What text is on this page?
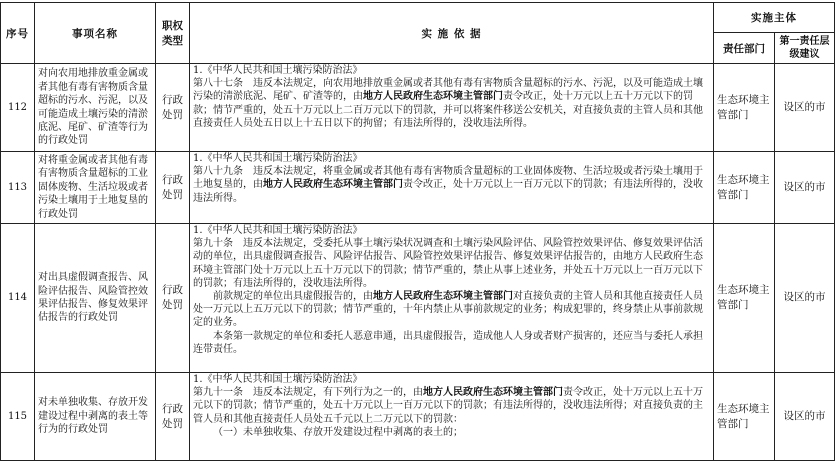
序号	事项名称	职权类型	实 施 依 据	实施主体	
				责任部门	第一责任层级建议
112	对向农用地排放重金属或者其他有毒有害物质含量超标的污水、污泥，以及可能造成土壤污染的清淤底泥、尾矿、矿渣等行为的行政处罚	行政处罚	1.《中华人民共和国土壤污染防治法》

第八十七条　违反本法规定，向农用地排放重金属或者其他有毒有害物质含量超标的污水、污泥，以及可能造成土壤污染的清淤底泥、尾矿、矿渣等的，由地方人民政府生态环境主管部门责令改正，处十万元以上五十万元以下的罚款；情节严重的，处五十万元以上二百万元以下的罚款，并可以将案件移送公安机关，对直接负责的主管人员和其他直接责任人员处五日以上十五日以下的拘留；有违法所得的，没收违法所得。	生态环境主管部门	设区的市
113	对将重金属或者其他有毒有害物质含量超标的工业固体废物、生活垃圾或者污染土壤用于土地复垦的行政处罚	行政处罚	1.《中华人民共和国土壤污染防治法》

第八十九条　违反本法规定，将重金属或者其他有毒有害物质含量超标的工业固体废物、生活垃圾或者污染土壤用于土地复垦的，由地方人民政府生态环境主管部门责令改正，处十万元以上一百万元以下的罚款；有违法所得的，没收违法所得。	生态环境主管部门	设区的市
114	对出具虚假调查报告、风险评估报告、风险管控效果评估报告、修复效果评估报告的行政处罚	行政处罚	1.《中华人民共和国土壤污染防治法》

第九十条　违反本法规定，受委托从事土壤污染状况调查和土壤污染风险评估、风险管控效果评估、修复效果评估活动的单位，出具虚假调查报告、风险评估报告、风险管控效果评估报告、修复效果评估报告的，由地方人民政府生态环境主管部门处十万元以上五十万元以下的罚款；情节严重的，禁止从事上述业务，并处五十万元以上一百万元以下的罚款；有违法所得的，没收违法所得。

前款规定的单位出具虚假报告的，由地方人民政府生态环境主管部门对直接负责的主管人员和其他直接责任人员处一万元以上五万元以下的罚款；情节严重的，十年内禁止从事前款规定的业务；构成犯罪的，终身禁止从事前款规定的业务。

本条第一款规定的单位和委托人恶意串通，出具虚假报告，造成他人人身或者财产损害的，还应当与委托人承担连带责任。	生态环境主管部门	设区的市
115	对未单独收集、存放开发建设过程中剥离的表土等行为的行政处罚	行政处罚	1.《中华人民共和国土壤污染防治法》

第九十一条　违反本法规定，有下列行为之一的，由地方人民政府生态环境主管部门责令改正，处十万元以上五十万元以下的罚款；情节严重的，处五十万元以上一百万元以下的罚款；有违法所得的，没收违法所得；对直接负责的主管人员和其他直接责任人员处五千元以上二万元以下的罚款：

（一）未单独收集、存放开发建设过程中剥离的表土的；	生态环境主管部门	设区的市
